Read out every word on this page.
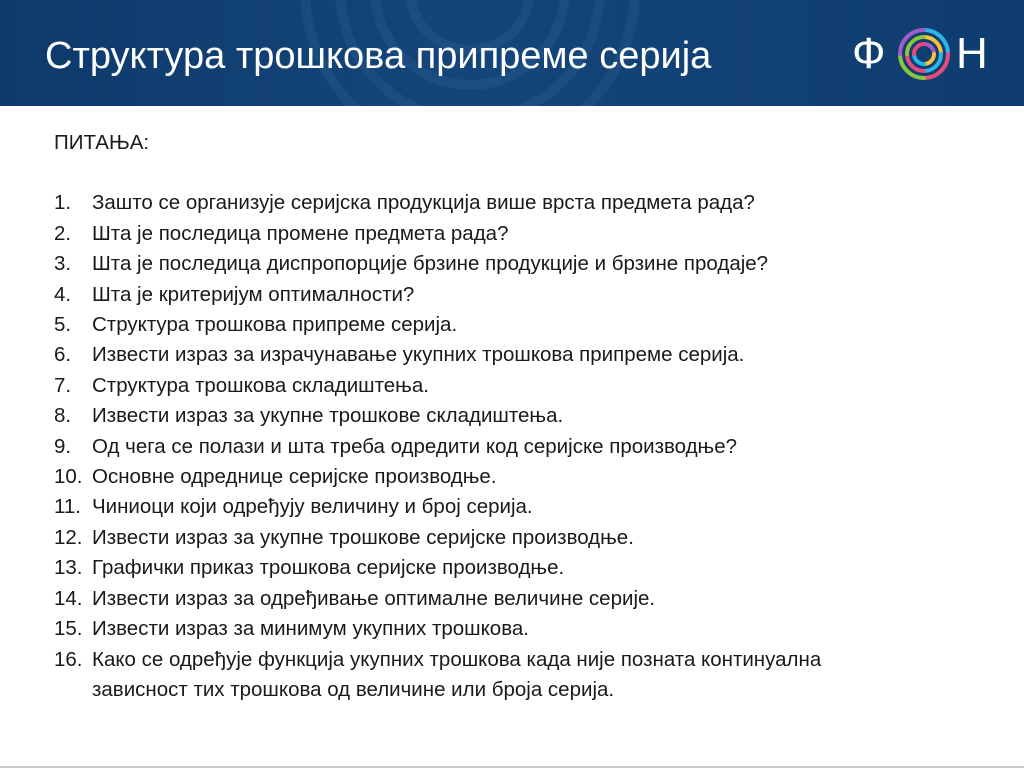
Структура трошкова припреме серија	Ф Н
ПИТАЊА:
1.	Зашто се организује серијска продукција више врста предмета рада?
2.	Шта је последица промене предмета рада?
3.	Шта је последица диспропорције брзине продукције и брзине продаје?
4.	Шта је критеријум оптималности?
5.	Структура трошкова припреме серија.
6.	Извести израз за израчунавање укупних трошкова припреме серија.
7.	Структура трошкова складиштења.
8.	Извести израз за укупне трошкове складиштења.
9.	Од чега се полази и шта треба одредити код серијске производње?
10. Основне одреднице серијске производње.
11. Чиниоци који одређују величину и број серија.
12. Извести израз за укупне трошкове серијске производње.
13. Графички приказ трошкова серијске производње.
14. Извести израз за одређивање оптималне величине серије.
15. Извести израз за минимум укупних трошкова.
16. Како се одређује функција укупних трошкова када није позната континуална зависност тих трошкова од величине или броја серија.
